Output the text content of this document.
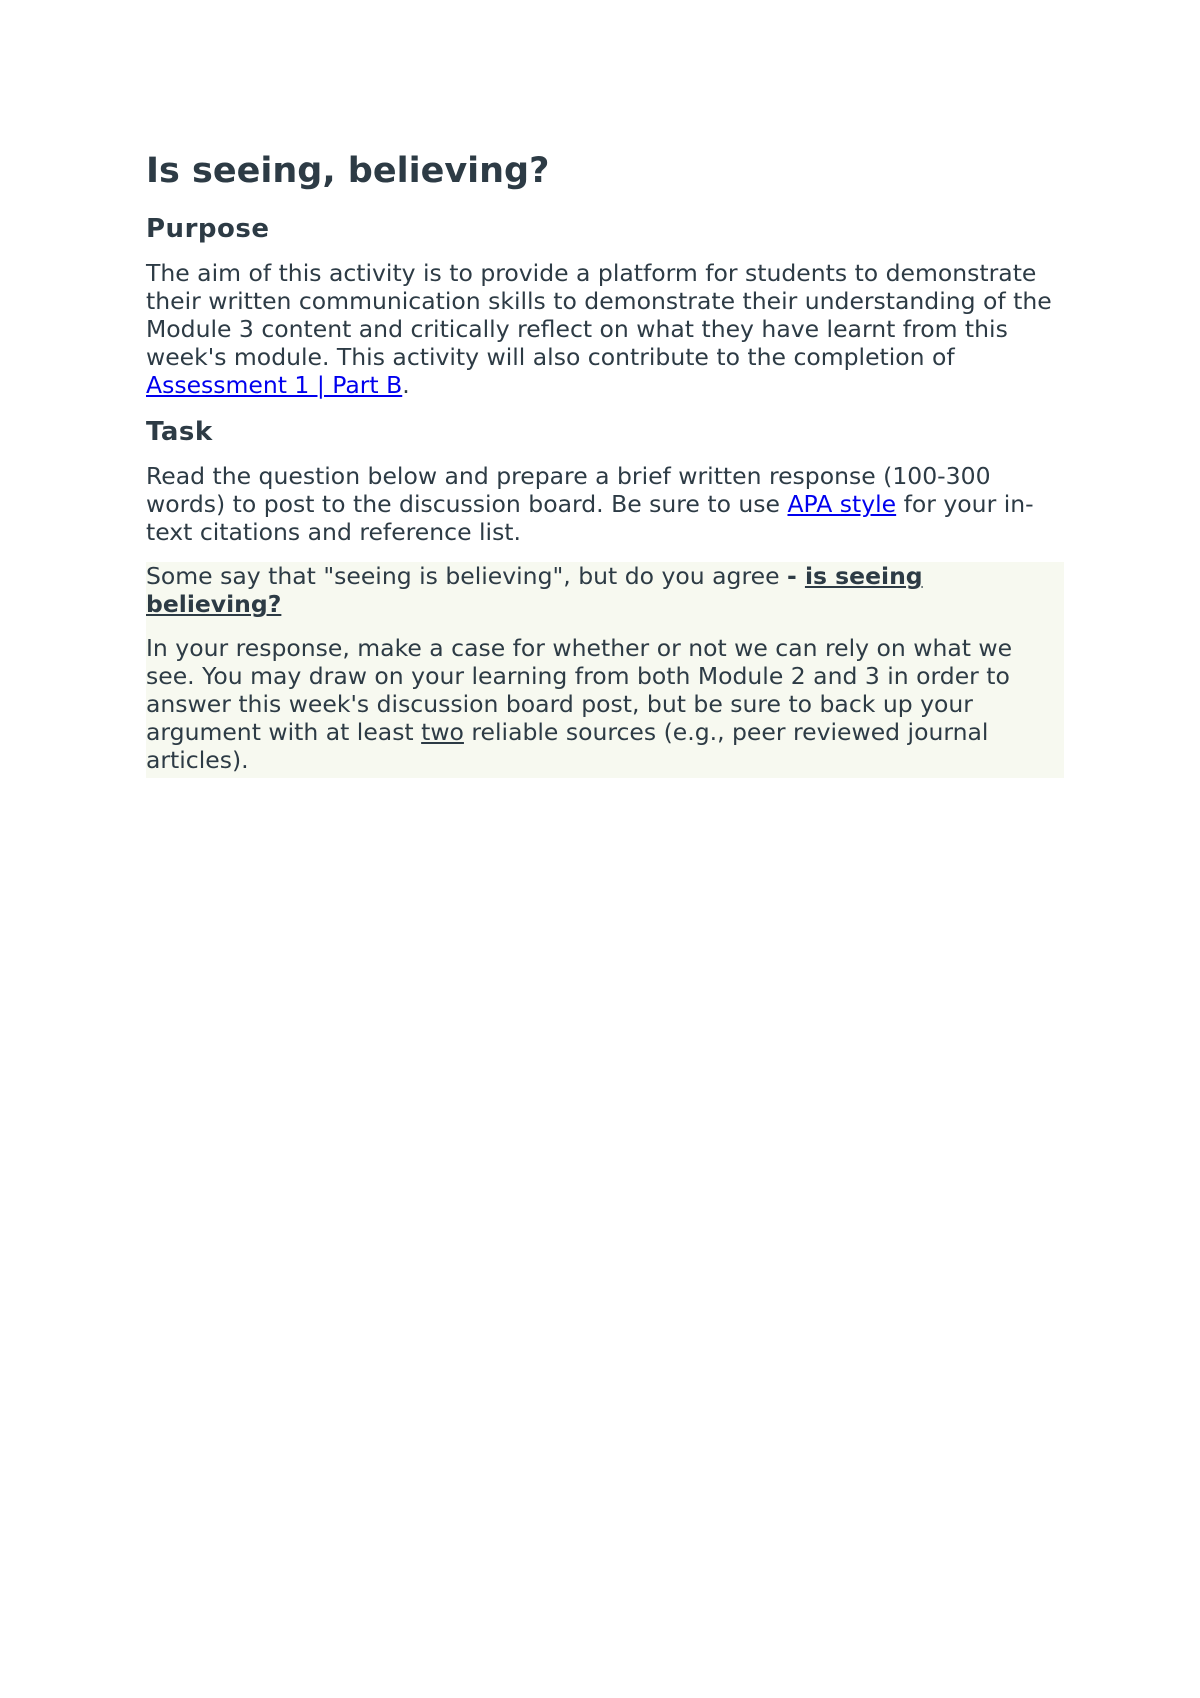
Is seeing, believing?
Purpose

The aim of this activity is to provide a platform for students to demonstrate their written communication skills to demonstrate their understanding of the Module 3 content and critically reflect on what they have learnt from this week's module. This activity will also contribute to the completion of Assessment 1 | Part B.

Task

Read the question below and prepare a brief written response (100-300 words) to post to the discussion board. Be sure to use APA style for your in-text citations and reference list.

Some say that "seeing is believing", but do you agree - is seeing believing?

In your response, make a case for whether or not we can rely on what we see. You may draw on your learning from both Module 2 and 3 in order to answer this week's discussion board post, but be sure to back up your argument with at least two reliable sources (e.g., peer reviewed journal articles).
